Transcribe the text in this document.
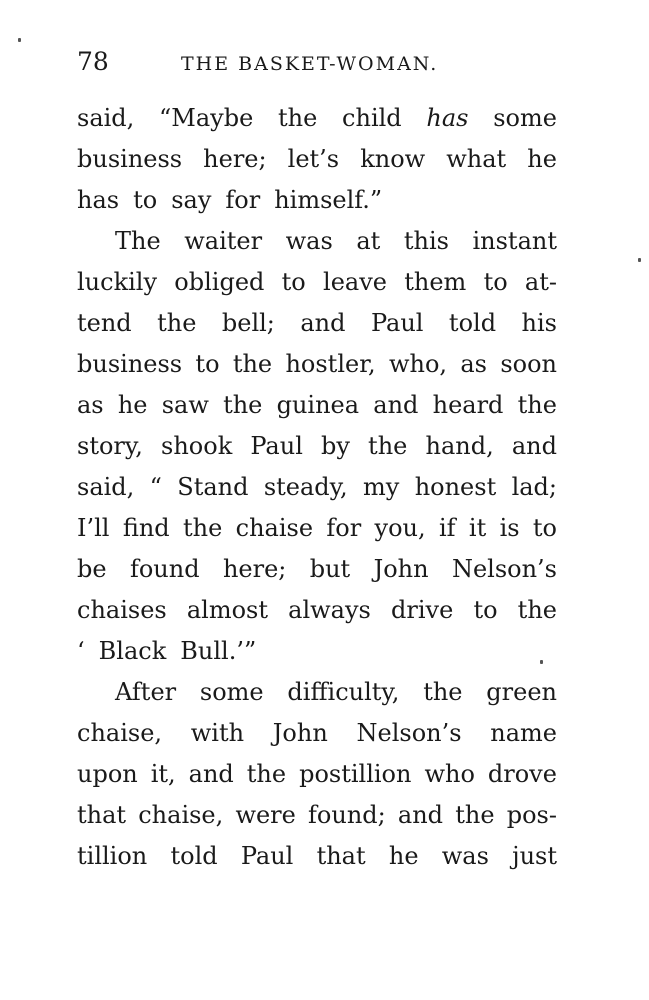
78	THE BASKET-WOMAN.
said, “Maybe the child has some
business here; let’s know what he
has to say for himself.”
The waiter was at this instant
luckily obliged to leave them to at-
tend the bell; and Paul told his
business to the hostler, who, as soon
as he saw the guinea and heard the
story, shook Paul by the hand, and
said, “ Stand steady, my honest lad;
I’ll find the chaise for you, if it is to
be found here; but John Nelson’s
chaises almost always drive to the
‘ Black Bull.’”
After some difficulty, the green
chaise, with John Nelson’s name
upon it, and the postillion who drove
that chaise, were found; and the pos-
tillion told Paul that he was just
